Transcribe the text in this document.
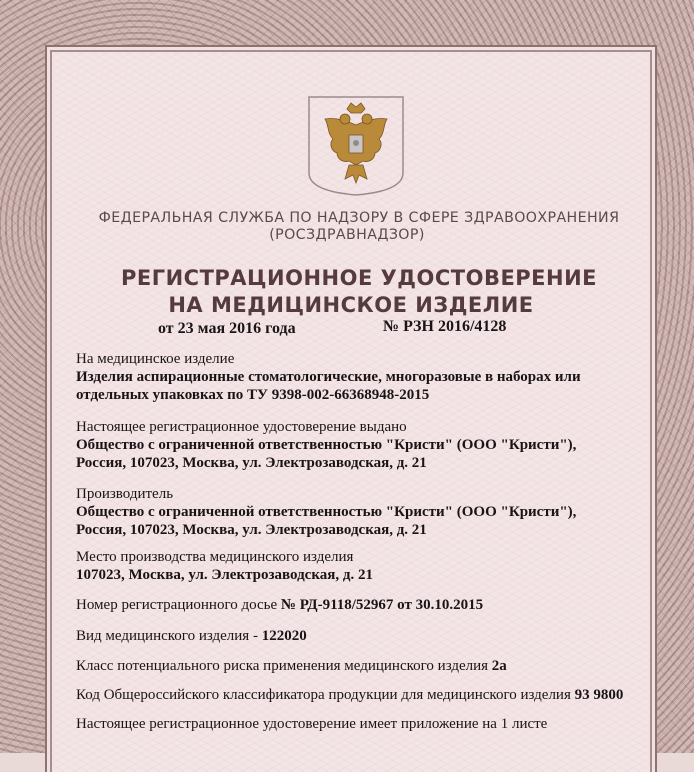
ФЕДЕРАЛЬНАЯ СЛУЖБА ПО НАДЗОРУ В СФЕРЕ ЗДРАВООХРАНЕНИЯ
(РОСЗДРАВНАДЗОР)
РЕГИСТРАЦИОННОЕ УДОСТОВЕРЕНИЕ
НА МЕДИЦИНСКОЕ ИЗДЕЛИЕ
от 23 мая 2016 года	№ РЗН 2016/4128
На медицинское изделие
Изделия аспирационные стоматологические, многоразовые в наборах или
отдельных упаковках по ТУ 9398-002-66368948-2015
Настоящее регистрационное удостоверение выдано
Общество с ограниченной ответственностью "Кристи" (ООО "Кристи"),
Россия, 107023, Москва, ул. Электрозаводская, д. 21
Производитель
Общество с ограниченной ответственностью "Кристи" (ООО "Кристи"),
Россия, 107023, Москва, ул. Электрозаводская, д. 21
Место производства медицинского изделия
107023, Москва, ул. Электрозаводская, д. 21
Номер регистрационного досье № РД-9118/52967 от 30.10.2015
Вид медицинского изделия - 122020
Класс потенциального риска применения медицинского изделия 2а
Код Общероссийского классификатора продукции для медицинского изделия 93 9800
Настоящее регистрационное удостоверение имеет приложение на 1 листе
